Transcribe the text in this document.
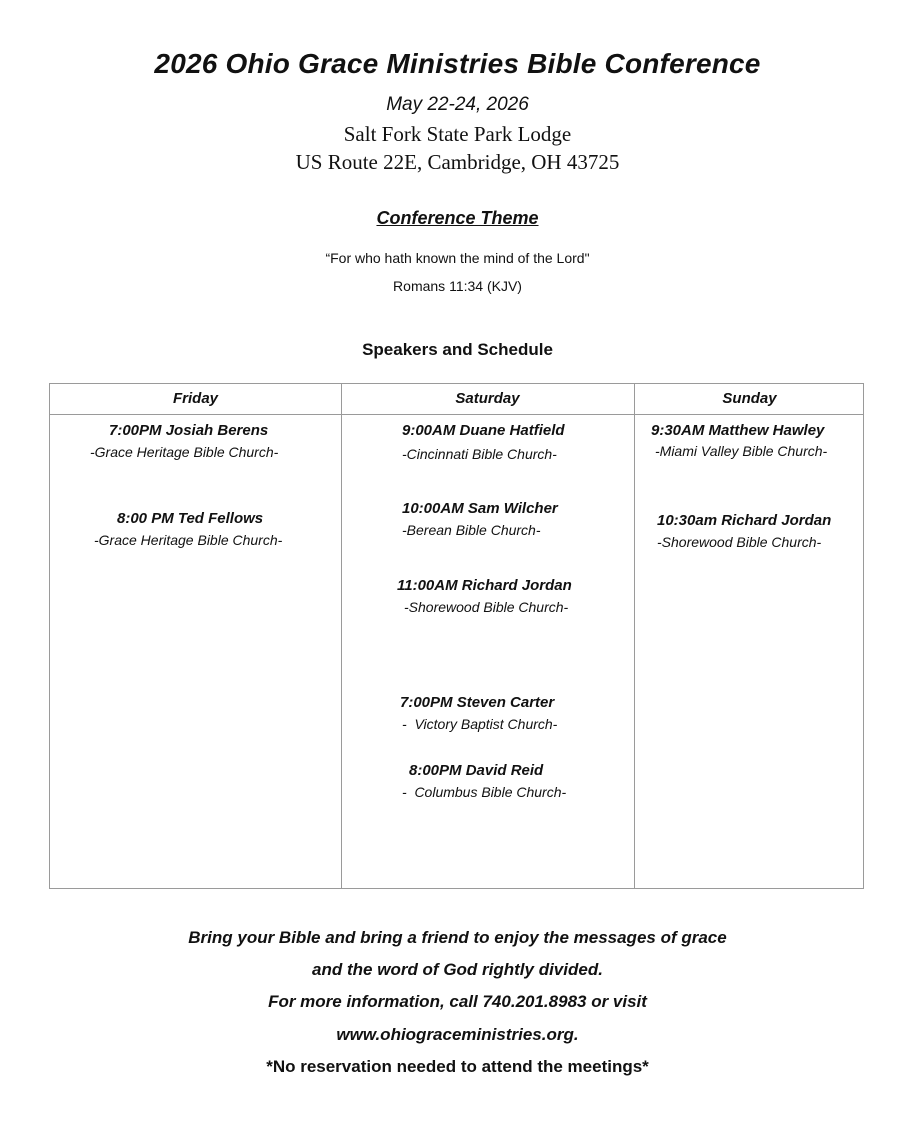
2026 Ohio Grace Ministries Bible Conference
May 22-24, 2026
Salt Fork State Park Lodge
US Route 22E, Cambridge, OH 43725
Conference Theme
“For who hath known the mind of the Lord"
Romans 11:34 (KJV)
Speakers and Schedule
Friday	Saturday	Sunday
7:00PM Josiah Berens
-Grace Heritage Bible Church-
8:00 PM Ted Fellows
-Grace Heritage Bible Church-
9:00AM Duane Hatfield
-Cincinnati Bible Church-
10:00AM Sam Wilcher
-Berean Bible Church-
11:00AM Richard Jordan
-Shorewood Bible Church-
7:00PM Steven Carter
-  Victory Baptist Church-
8:00PM David Reid
-  Columbus Bible Church-
9:30AM Matthew Hawley
-Miami Valley Bible Church-
10:30am Richard Jordan
-Shorewood Bible Church-
Bring your Bible and bring a friend to enjoy the messages of grace
and the word of God rightly divided.
For more information, call 740.201.8983 or visit
www.ohiograceministries.org.
*No reservation needed to attend the meetings*
